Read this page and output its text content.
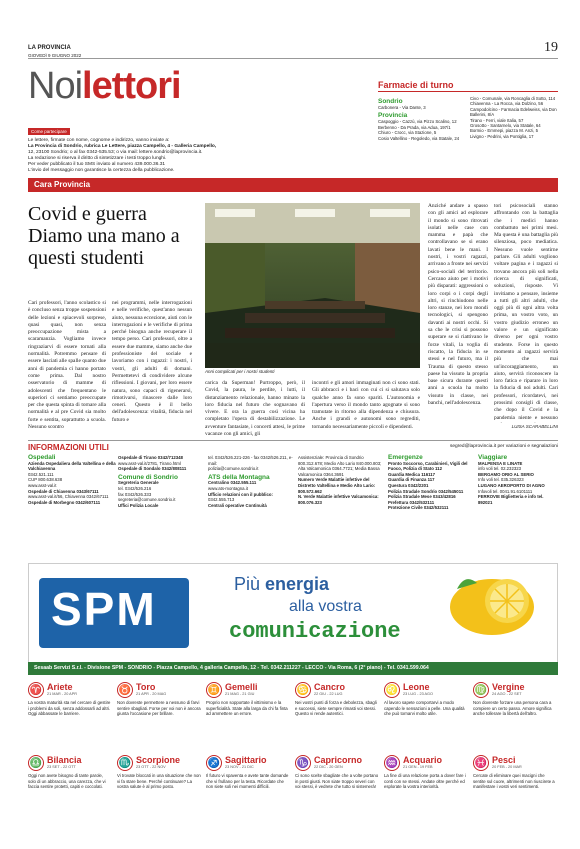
LA PROVINCIA
GIOVEDÌ 9 GIUGNO 2022
19
Noilettori
Come partecipare
Le lettere, firmate con nome, cognome e indirizzo, vanno inviate a:
La Provincia di Sondrio, rubrica Le Lettere, piazza Campello, 4 - Galleria Campello,
12, 23100 Sondrio; o al fax 0342-535.53; o via mail: lettere.sondrio@laprovincia.it.
La redazione si riserva il diritto di sintetizzare i testi troppo lunghi.
Per veder pubblicato il tuo SMS inviato al numero 439.000.36.31
L'invio del messaggio non garantisce la certezza della pubblicazione.
Farmacie di turno
Sondrio
Carbonera - Via Dante, 3
Provincia
Caspoggio - Cazzù, via Pizzo Scalino, 12
Berbenno - Da Prada, via Adua, 197/1
Chiuro - Crocc, via Stazione, 5
Cosio Valtellino - Regoledo, via Statale, 24
Civo - Comunale, via Roncaglia di Sotto, 114
Chiavenna - La Rocca, via Dolzino, 56
Campodolcino - Farmacia Edelweiss, via Don Ballerini, 8/A
Tirano - Ferri, viale Italia, 57
Grosotto - Santarnelo, via Statale, 64
Bormio - Emmepi, piazza M. Anzi, 5
Livigno - Pedrini, via Pontiglia, 17
Cara Provincia
Covid e guerra Diamo una mano a questi studenti
Cari professori, l'anno scolastico si è concluso senza troppe sospensioni delle lezioni e spiacevoli sorprese, quasi quasi, non senza preoccupazione mista a scaramanzia. Vogliamo invece ringraziarvi di essere tornati alla normalità. Potremmo pensare di essere lasciati alle spalle quanto due anni di pandemia ci hanno portato come prima. Dal nostro osservatorio di mamme di adolescenti che frequentano le superiori ci sentiamo preoccupate per che questa spinta di tornare alla normalità e al pre Covid sia molto forte e sentita, soprattutto a scuola. Nessuno scontro
nei programmi, nelle interrogazioni e nelle verifiche, quest'anno nessun aiuto, nessuna eccezione, aiuti con le interrogazioni e le verifiche di prima perché bisogna anche recuperare il tempo perso. Cari professori, oltre a essere due mamme, siamo anche due professioniste del sociale e lavoriamo con i ragazzi: i nostri, i vostri, gli adulti di domani. Permettetevi di condividere alcune riflessioni. I giovani, per loro essere natura, sono capaci di rigenerarsi, rimotivarsi, rinascere dalle loro ceneri. Questo è il bello dell'adolescenza: vitalità, fiducia nel futuro e
Anni complicati per i nostri studenti
carica da Superman! Purtroppo, però, il Covid, la paura, le perdite, i lutti, il distanziamento relazionale, hanno minato la loro fiducia nel futuro che sognavano di vivere. E ora la guerra così vicina ha completato l'opera di destabilizzazione. Le avventure fantasiate, i concerti attesi, le prime vacanze con gli amici, gli
incontri e gli amori immaginati non ci sono stati. Gli abbracci e i baci con cui ci si salutava solo qualche anno fa sono spariti. L'autonomia e l'apertura verso il mondo tanto agognate si sono tramutate in ritorno alla dipendenza e chiusura. Anche i grandi e autonomi sono regrediti, tornando necessariamente piccoli e dipendenti.
Anziché andare a spasso con gli amici ad esplorare il mondo si sono ritrovati isolati nelle case con mamma e papà che controllavano se si erano lavati bene le mani. I nostri, i vostri ragazzi, arrivano a fronte nei servizi psico-sociali del territorio. Cercano aiuto per i motivi più disparati: aggressioni o loro corpi o i corpi degli altri, si rinchiudono nelle loro stanze, nei loro mondi tecnologici, si spengono davanti ai nostri occhi. Si sa che le crisi si possono superare se si riattivano le forze vitali, la voglia di riscatto, la fiducia in se stessi e nel futuro, ma il Trauma di questo stesso paese ha vissuto la propria base sicura durante questi anni a scuola ha molto vissuto in classe, nei banchi, nell'adolescenza.
tori psicosociali stanno affrontando con la battaglia che i medici hanno combattuto nei primi mesi. Ma questa è una battaglia più silenziosa, poco mediatica. Nessuno vuole sentirne parlare. Gli adulti vogliono voltare pagina e i ragazzi si trovano ancora più soli nella ricerca di significati, soluzioni, risposte. Vi invitiamo a pensare, insieme a tutti gli altri adulti, che oggi più di ogni altra volta prima, un vostro voto, un vostro giudizio erroneo un valore e un significato diverso per ogni vostro studente. Forse in questo momento ai ragazzi servirà più che mai un'incoraggiamento, un aiuto, servirà riconoscere la loro fatica e riparare in loro la fiducia di noi adulti. Cari professori, ricordatevi, nei prossimi consigli di classe, che dopo il Covid e la pandemia niente e nessuno
LUISA SCARABELLINI
INFORMAZIONI UTILI	segred@laprovincia.it per variazioni e segnalazioni
Ospedali
Azienda Ospedaliera della Valtellina e della Valchiavenna
0342.521.111
CUP 800.638.638
www.asst-val.it
Ospedale di Chiavenna 0343/67111
www.asst-val.it/56, Chiavenna 0342/67111
Ospedale di Morbegno 0342/607111
Ospedale di Tirano 0342/712348
www.asst-val.it/2781, Tirano.html
Ospedale di Sondalo 0342/808111
Comune di Sondrio
Segreteria Generale
tel. 0342/526.216
fax 0342/526.333
segreteria@comune.sondrio.it
Uffici Polizia Locale
tel. 0342/526.221-226 - fax 0342/526.211, e-mail:
polizia@comune.sondrio.it
ATS della Montagna
Centralino 0342.555.111
www.ats-montagna.it
Ufficio relazioni con il pubblico:
0342.555.713
Centrali operative Continuità
Assistenziale: Provincia di Sondrio 800.312.678; Medio Alto Lario 840.000.803; Alta Valcamonica 0364.7721; Media Bassa Valcamonica 0364.3691
Numero Verde Malattie infettive del Distretto Valtellina e Medio Alto Lario: 800.572.662
N. Verde Malattie infettive Valcamonica: 800.076.323
Emergenze
Pronto Soccorso, Carabinieri, Vigili del Fuoco, Polizia di Stato 112
Guardia Medica 116117
Guardia di Finanza 117
Questura 0342/2201
Polizia Stradale Sondrio 0342/545011
Polizia Stradale Mese 0343/42816
Prefettura 0342/532111
Protezione Civile 0342/532111
Viaggiare
MALPENSA E LINATE
info voli tel. 02.232323
BERGAMO ORIO AL SERIO
Info voli tel. 035.326323
LUGANO AEROPORTO DI AGNO
Infovoli tel. 0041.91.6101111
FERROVIE Biglietteria e info tel. 892021
SPM	Più energia
alla vostra
comunicazione
Sesaab Servizi S.r.l. - Divisione SPM - SONDRIO - Piazza Campello, 4 galleria Campello, 12 - Tel. 0342.211227 - LECCO - Via Roma, 6 (2° piano) - Tel. 0341.599.064
♈ Ariete
21 MAR - 20 APR
La vostra maturità sta nel cercare di gestire i problemi da soli, senza addossarli ad altri. Oggi abbassate le barriere.
♉ Toro
21 APR - 20 MAG
Non dovreste permettere a nessuno di farvi sentire sbagliati. Forse per voi non è ancora giunta l'occasione per brillare.
♊ Gemelli
21 MAG - 21 GIU
Proprio non sopportate il vittimismo e la superficialità. State alla larga da chi fa finta ad ammettere un errore.
♋ Cancro
22 GIU - 22 LUG
Nei vostri punti di forza e debolezza, sbagli e successi, siete sempre rimasti voi stessi. Questo vi rende autentici.
♌ Leone
23 LUG - 23 AGO
Al lavoro sapete comportarvi a modo capendo le sensazioni a pelle. Una qualità che può tornarvi molto utile.
♍ Vergine
24 AGO - 22 SET
Non dovreste forzare una persona cara a compiere un certo passo. Amore significa anche tollerare la libertà dell'altro.
♎ Bilancia
23 SET - 22 OTT
Oggi non avete bisogno di tante parole, solo di un abbraccio, una carezza, che vi faccia sentire protetti, capiti e coccolati.
♏ Scorpione
23 OTT - 22 NOV
Vi trovate bloccati in una situazione che non vi fa stare bene. Perché continuare? La vostra salute è al primo posto.
♐ Sagittario
23 NOV - 21 DIC
Il futuro vi spaventa e avete tante domande che vi frullano per la testa. Ricordate che non siete soli nei momenti difficili.
♑ Capricorno
22 DIC - 20 GEN
Ci sono scelte sbagliate che a volte portano in posti giusti. Non siate troppo severi con voi stessi, è vedrete che tutto si sistemerà!
♒ Acquario
21 GEN - 19 FEB
La fine di una relazione porta a dover fare i conti con se stessi. Andate oltre perché ed esplorate la vostra interiorità.
♓ Pesci
20 FEB - 20 MAR
Cercate di eliminare quei macigni che sentite sul cuore, altrimenti non riuscirete a manifestare i vostri veri sentimenti.
